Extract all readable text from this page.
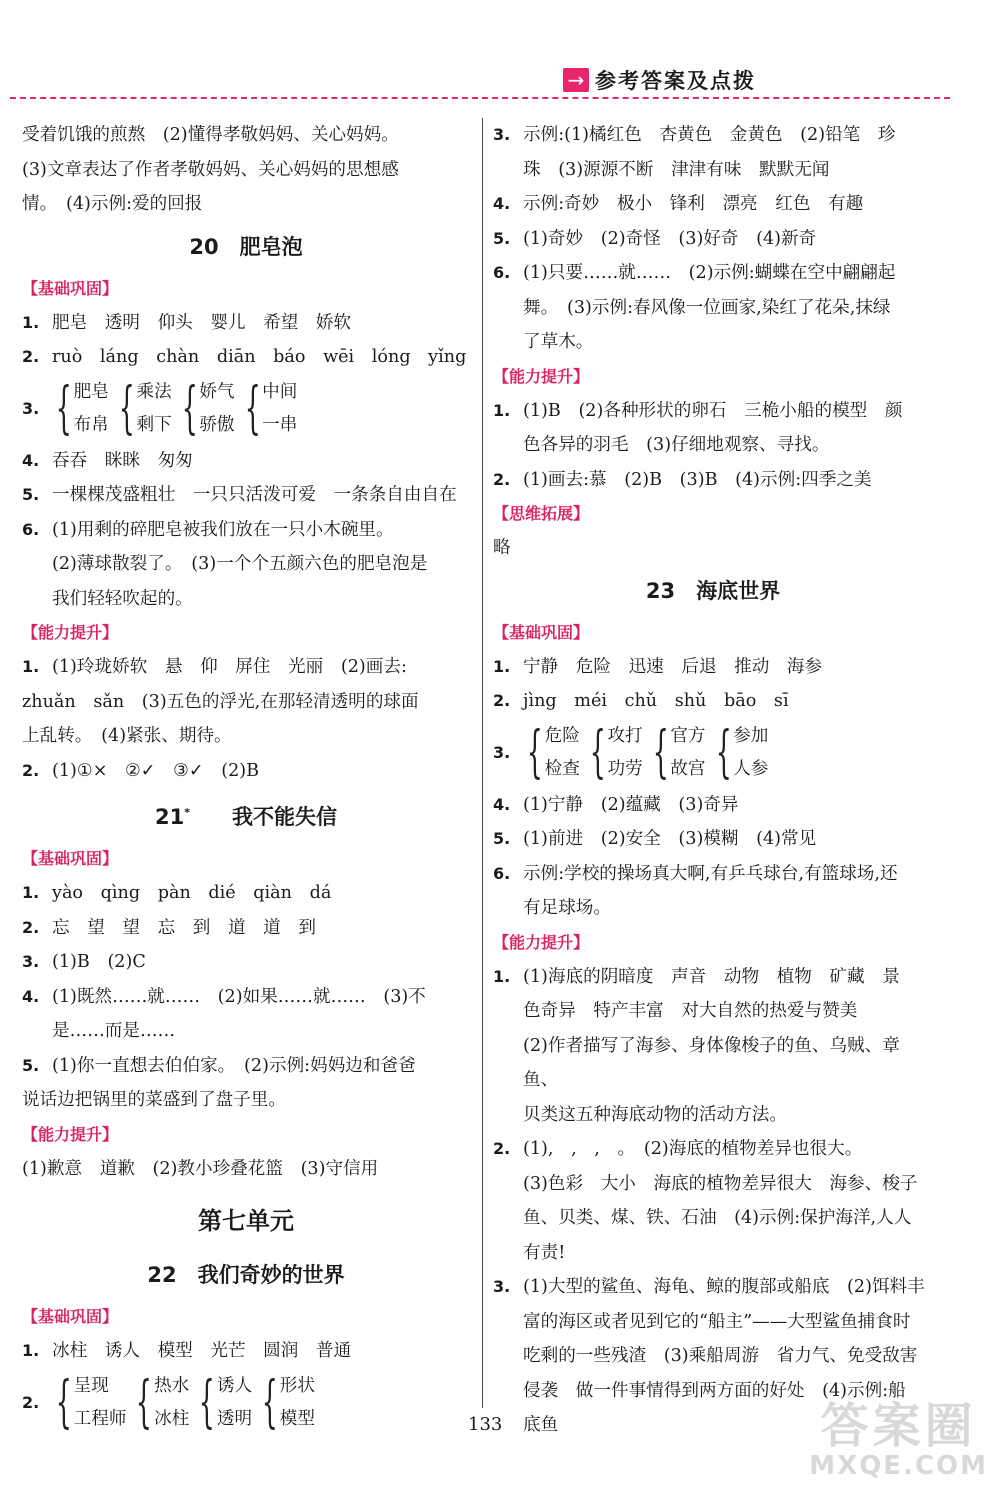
→ 参考答案及点拨

受着饥饿的煎熬　(2)懂得孝敬妈妈、关心妈妈。

(3)文章表达了作者孝敬妈妈、关心妈妈的思想感

情。　(4)示例:爱的回报

20　肥皂泡

【基础巩固】

1. 肥皂　透明　仰头　婴儿　希望　娇软

2. ruò　láng　chàn　diān　báo　wēi　lóng　yǐng

3. { 肥皂
布帛 { 乘法
剩下 { 娇气
骄傲 { 中间
一串

4. 吞吞　眯眯　匆匆

5. 一棵棵茂盛粗壮　一只只活泼可爱　一条条自由自在

6. (1)用剩的碎肥皂被我们放在一只小木碗里。

(2)薄球散裂了。　(3)一个个五颜六色的肥皂泡是

我们轻轻吹起的。

【能力提升】

1. (1)玲珑娇软　悬　仰　屏住　光丽　(2)画去:

zhuǎn　sǎn　(3)五色的浮光,在那轻清透明的球面

上乱转。　(4)紧张、期待。

2. (1)①×　②✓　③✓　(2)B

21*　　 我不能失信

【基础巩固】

1. yào　qìng　pàn　dié　qiàn　dá

2. 忘　望　望　忘　到　道　道　到

3. (1)B　(2)C

4. (1)既然……就……　(2)如果……就……　(3)不

是……而是……

5. (1)你一直想去伯伯家。　(2)示例:妈妈边和爸爸

说话边把锅里的菜盛到了盘子里。

【能力提升】

(1)歉意　道歉　(2)教小珍叠花篮　(3)守信用

第七单元

22　我们奇妙的世界

【基础巩固】

1. 冰柱　诱人　模型　光芒　圆润　普通

2. { 呈现
工程师 { 热水
冰柱 { 诱人
透明 { 形状
模型

3. 示例:(1)橘红色　杏黄色　金黄色　(2)铅笔　珍

珠　(3)源源不断　津津有味　默默无闻

4. 示例:奇妙　极小　锋利　漂亮　红色　有趣

5. (1)奇妙　(2)奇怪　(3)好奇　(4)新奇

6. (1)只要……就……　(2)示例:蝴蝶在空中翩翩起

舞。　(3)示例:春风像一位画家,染红了花朵,抹绿

了草木。

【能力提升】

1. (1)B　(2)各种形状的卵石　三桅小船的模型　颜

色各异的羽毛　(3)仔细地观察、寻找。

2. (1)画去:慕　(2)B　(3)B　(4)示例:四季之美

【思维拓展】

略

23　海底世界

【基础巩固】

1. 宁静　危险　迅速　后退　推动　海参

2. jìng　méi　chǔ　shǔ　bāo　sī

3. { 危险
检查 { 攻打
功劳 { 官方
故宫 { 参加
人参

4. (1)宁静　(2)蕴藏　(3)奇异

5. (1)前进　(2)安全　(3)模糊　(4)常见

6. 示例:学校的操场真大啊,有乒乓球台,有篮球场,还

有足球场。

【能力提升】

1. (1)海底的阴暗度　声音　动物　植物　矿藏　景

色奇异　特产丰富　对大自然的热爱与赞美

(2)作者描写了海参、身体像梭子的鱼、乌贼、章鱼、

贝类这五种海底动物的活动方法。

2. (1),　,　,　。　(2)海底的植物差异也很大。

(3)色彩　大小　海底的植物差异很大　海参、梭子

鱼、贝类、煤、铁、石油　(4)示例:保护海洋,人人

有责!

3. (1)大型的鲨鱼、海龟、鲸的腹部或船底　(2)饵料丰

富的海区或者见到它的“船主”——大型鲨鱼捕食时

吃剩的一些残渣　(3)乘船周游　省力气、免受敌害

侵袭　做一件事情得到两方面的好处　(4)示例:船

底鱼

133	答案圈
MXQE.COM
